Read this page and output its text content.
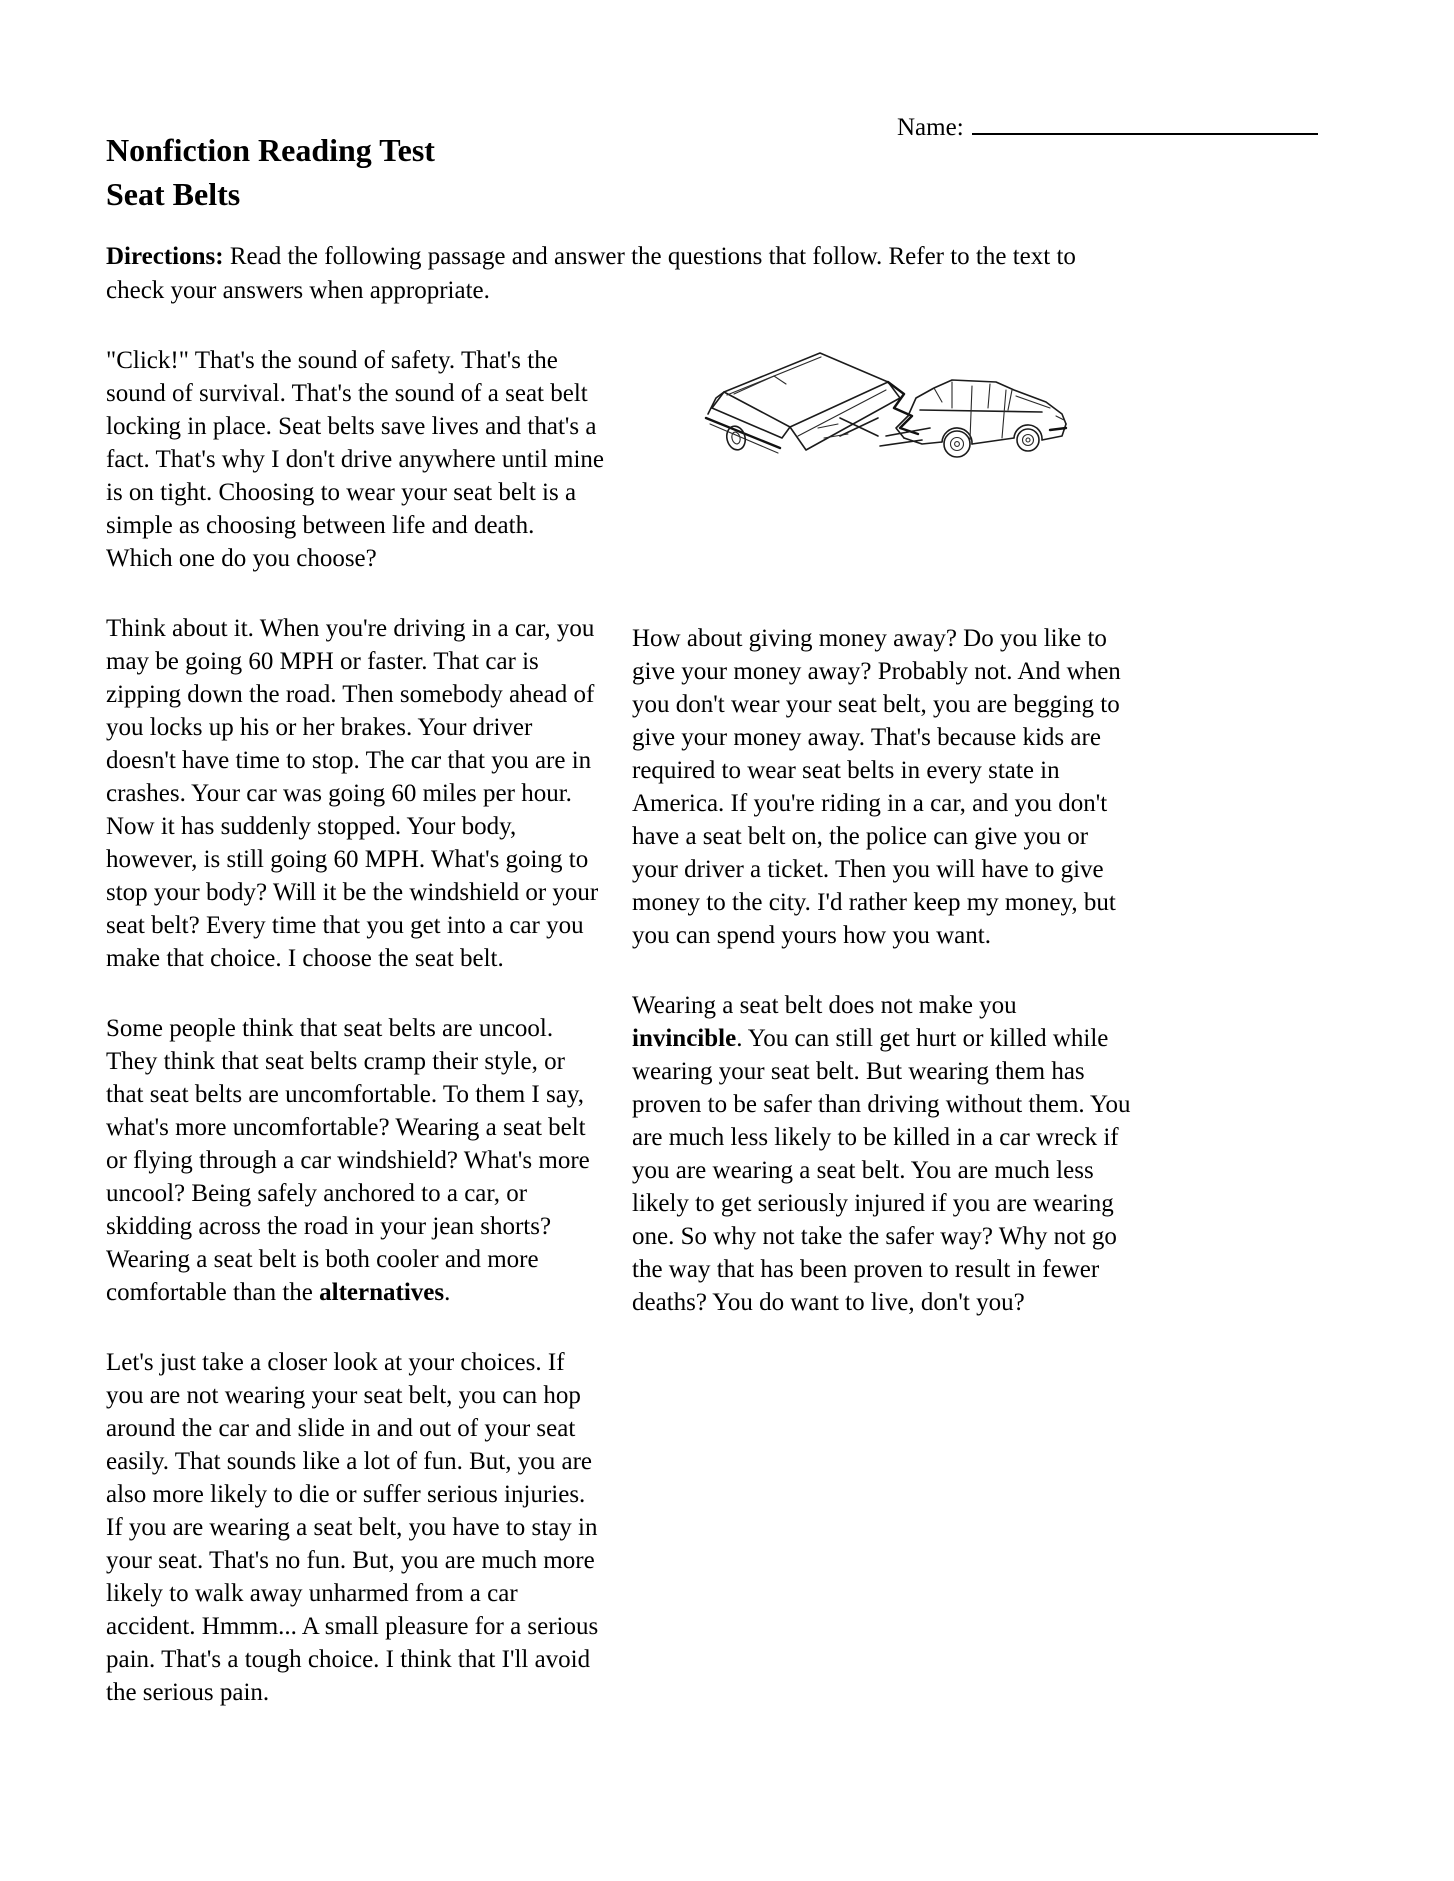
Name:
Nonfiction Reading Test
Seat Belts
Directions: Read the following passage and answer the questions that follow. Refer to the text to check your answers when appropriate.

"Click!" That's the sound of safety. That's the sound of survival. That's the sound of a seat belt locking in place. Seat belts save lives and that's a fact. That's why I don't drive anywhere until mine is on tight. Choosing to wear your seat belt is a simple as choosing between life and death. Which one do you choose?

Think about it. When you're driving in a car, you may be going 60 MPH or faster. That car is zipping down the road. Then somebody ahead of you locks up his or her brakes. Your driver doesn't have time to stop. The car that you are in crashes. Your car was going 60 miles per hour. Now it has suddenly stopped. Your body, however, is still going 60 MPH. What's going to stop your body? Will it be the windshield or your seat belt? Every time that you get into a car you make that choice. I choose the seat belt.

Some people think that seat belts are uncool. They think that seat belts cramp their style, or that seat belts are uncomfortable. To them I say, what's more uncomfortable? Wearing a seat belt or flying through a car windshield? What's more uncool? Being safely anchored to a car, or skidding across the road in your jean shorts? Wearing a seat belt is both cooler and more comfortable than the alternatives.

Let's just take a closer look at your choices. If you are not wearing your seat belt, you can hop around the car and slide in and out of your seat easily. That sounds like a lot of fun. But, you are also more likely to die or suffer serious injuries. If you are wearing a seat belt, you have to stay in your seat. That's no fun. But, you are much more likely to walk away unharmed from a car accident. Hmmm... A small pleasure for a serious pain. That's a tough choice. I think that I'll avoid the serious pain.

How about giving money away? Do you like to give your money away? Probably not. And when you don't wear your seat belt, you are begging to give your money away. That's because kids are required to wear seat belts in every state in America. If you're riding in a car, and you don't have a seat belt on, the police can give you or your driver a ticket. Then you will have to give money to the city. I'd rather keep my money, but you can spend yours how you want.

Wearing a seat belt does not make you invincible. You can still get hurt or killed while wearing your seat belt. But wearing them has proven to be safer than driving without them. You are much less likely to be killed in a car wreck if you are wearing a seat belt. You are much less likely to get seriously injured if you are wearing one. So why not take the safer way? Why not go the way that has been proven to result in fewer deaths? You do want to live, don't you?
